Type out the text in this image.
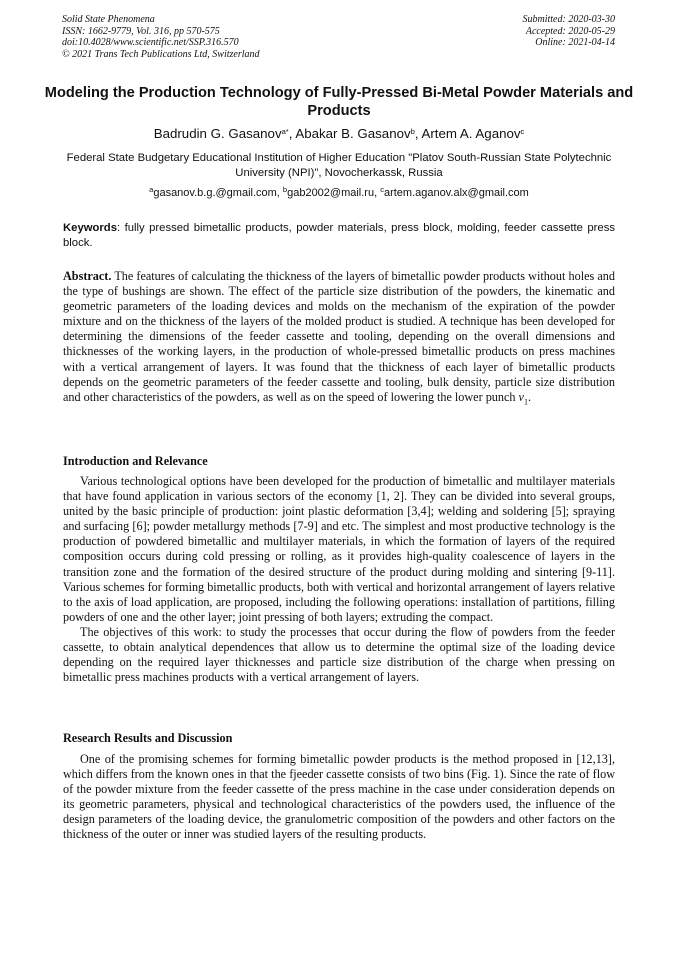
Solid State Phenomena
ISSN: 1662-9779, Vol. 316, pp 570-575
doi:10.4028/www.scientific.net/SSP.316.570
© 2021 Trans Tech Publications Ltd, Switzerland
Submitted: 2020-03-30
Accepted: 2020-05-29
Online: 2021-04-14
Modeling the Production Technology of Fully-Pressed Bi-Metal Powder Materials and Products
Badrudin G. Gasanov$^{a*}$, Abakar B. Gasanov$^b$, Artem A. Aganov$^c$
Federal State Budgetary Educational Institution of Higher Education "Platov South-Russian State Polytechnic University (NPI)", Novocherkassk, Russia
$^a$gasanov.b.g.@gmail.com, $^b$gab2002@mail.ru, $^c$artem.aganov.alx@gmail.com
Keywords: fully pressed bimetallic products, powder materials, press block, molding, feeder cassette press block.

Abstract. The features of calculating the thickness of the layers of bimetallic powder products without holes and the type of bushings are shown. The effect of the particle size distribution of the powders, the kinematic and geometric parameters of the loading devices and molds on the mechanism of the expiration of the powder mixture and on the thickness of the layers of the molded product is studied. A technique has been developed for determining the dimensions of the feeder cassette and tooling, depending on the overall dimensions and thicknesses of the working layers, in the production of whole-pressed bimetallic products on press machines with a vertical arrangement of layers. It was found that the thickness of each layer of bimetallic products depends on the geometric parameters of the feeder cassette and tooling, bulk density, particle size distribution and other characteristics of the powders, as well as on the speed of lowering the lower punch $\nu_1$.

Introduction and Relevance

Various technological options have been developed for the production of bimetallic and multilayer materials that have found application in various sectors of the economy [1, 2]. They can be divided into several groups, united by the basic principle of production: joint plastic deformation [3,4]; welding and soldering [5]; spraying and surfacing [6]; powder metallurgy methods [7-9] and etc. The simplest and most productive technology is the production of powdered bimetallic and multilayer materials, in which the formation of layers of the required composition occurs during cold pressing or rolling, as it provides high-quality coalescence of layers in the transition zone and the formation of the desired structure of the product during molding and sintering [9-11]. Various schemes for forming bimetallic products, both with vertical and horizontal arrangement of layers relative to the axis of load application, are proposed, including the following operations: installation of partitions, filling powders of one and the other layer; joint pressing of both layers; extruding the compact.

The objectives of this work: to study the processes that occur during the flow of powders from the feeder cassette, to obtain analytical dependences that allow us to determine the optimal size of the loading device depending on the required layer thicknesses and particle size distribution of the charge when pressing on bimetallic press machines products with a vertical arrangement of layers.

Research Results and Discussion

One of the promising schemes for forming bimetallic powder products is the method proposed in [12,13], which differs from the known ones in that the fjeeder cassette consists of two bins (Fig. 1). Since the rate of flow of the powder mixture from the feeder cassette of the press machine in the case under consideration depends on its geometric parameters, physical and technological characteristics of the powders used, the influence of the design parameters of the loading device, the granulometric composition of the powders and other factors on the thickness of the outer or inner was studied layers of the resulting products.
